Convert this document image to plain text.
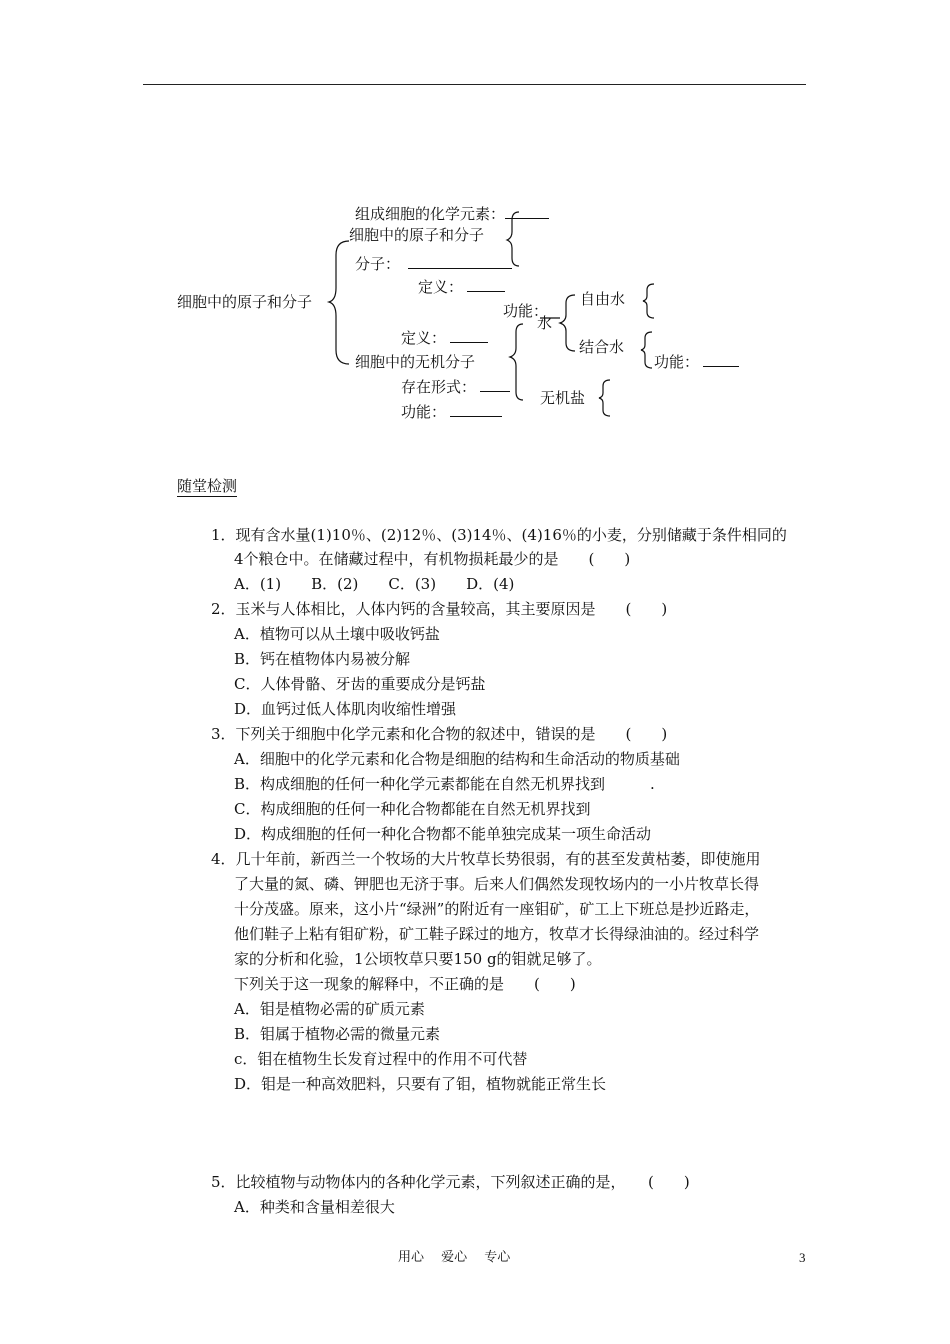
细胞中的原子和分子
组成细胞的化学元素：
细胞中的原子和分子
分子：
定义：
功能：
水
自由水
定义：	结合水
功能：
细胞中的无机分子
存在形式：
无机盐
功能：
随堂检测
1．现有含水量(1)10％、(2)12％、(3)14％、(4)16％的小麦，分别储藏于条件相同的
4个粮仓中。在储藏过程中，有机物损耗最少的是　　(　　)
A．(1)　　B．(2)　　C．(3)　　D．(4)
2．玉米与人体相比，人体内钙的含量较高，其主要原因是　　(　　)
A．植物可以从土壤中吸收钙盐
B．钙在植物体内易被分解
C．人体骨骼、牙齿的重要成分是钙盐
D．血钙过低人体肌肉收缩性增强
3．下列关于细胞中化学元素和化合物的叙述中，错误的是　　(　　)
A．细胞中的化学元素和化合物是细胞的结构和生命活动的物质基础
B．构成细胞的任何一种化学元素都能在自然无机界找到　　　.
C．构成细胞的任何一种化合物都能在自然无机界找到
D．构成细胞的任何一种化合物都不能单独完成某一项生命活动
4．几十年前，新西兰一个牧场的大片牧草长势很弱，有的甚至发黄枯萎，即使施用
了大量的氮、磷、钾肥也无济于事。后来人们偶然发现牧场内的一小片牧草长得
十分茂盛。原来，这小片“绿洲”的附近有一座钼矿，矿工上下班总是抄近路走，
他们鞋子上粘有钼矿粉，矿工鞋子踩过的地方，牧草才长得绿油油的。经过科学
家的分析和化验，1公顷牧草只要150 g的钼就足够了。
下列关于这一现象的解释中，不正确的是　　(　　)
A．钼是植物必需的矿质元素
B．钼属于植物必需的微量元素
c．钼在植物生长发育过程中的作用不可代替
D．钼是一种高效肥料，只要有了钼，植物就能正常生长
5．比较植物与动物体内的各种化学元素，下列叙述正确的是，　　(　　)
A．种类和含量相差很大
用心　 爱心　 专心	3
